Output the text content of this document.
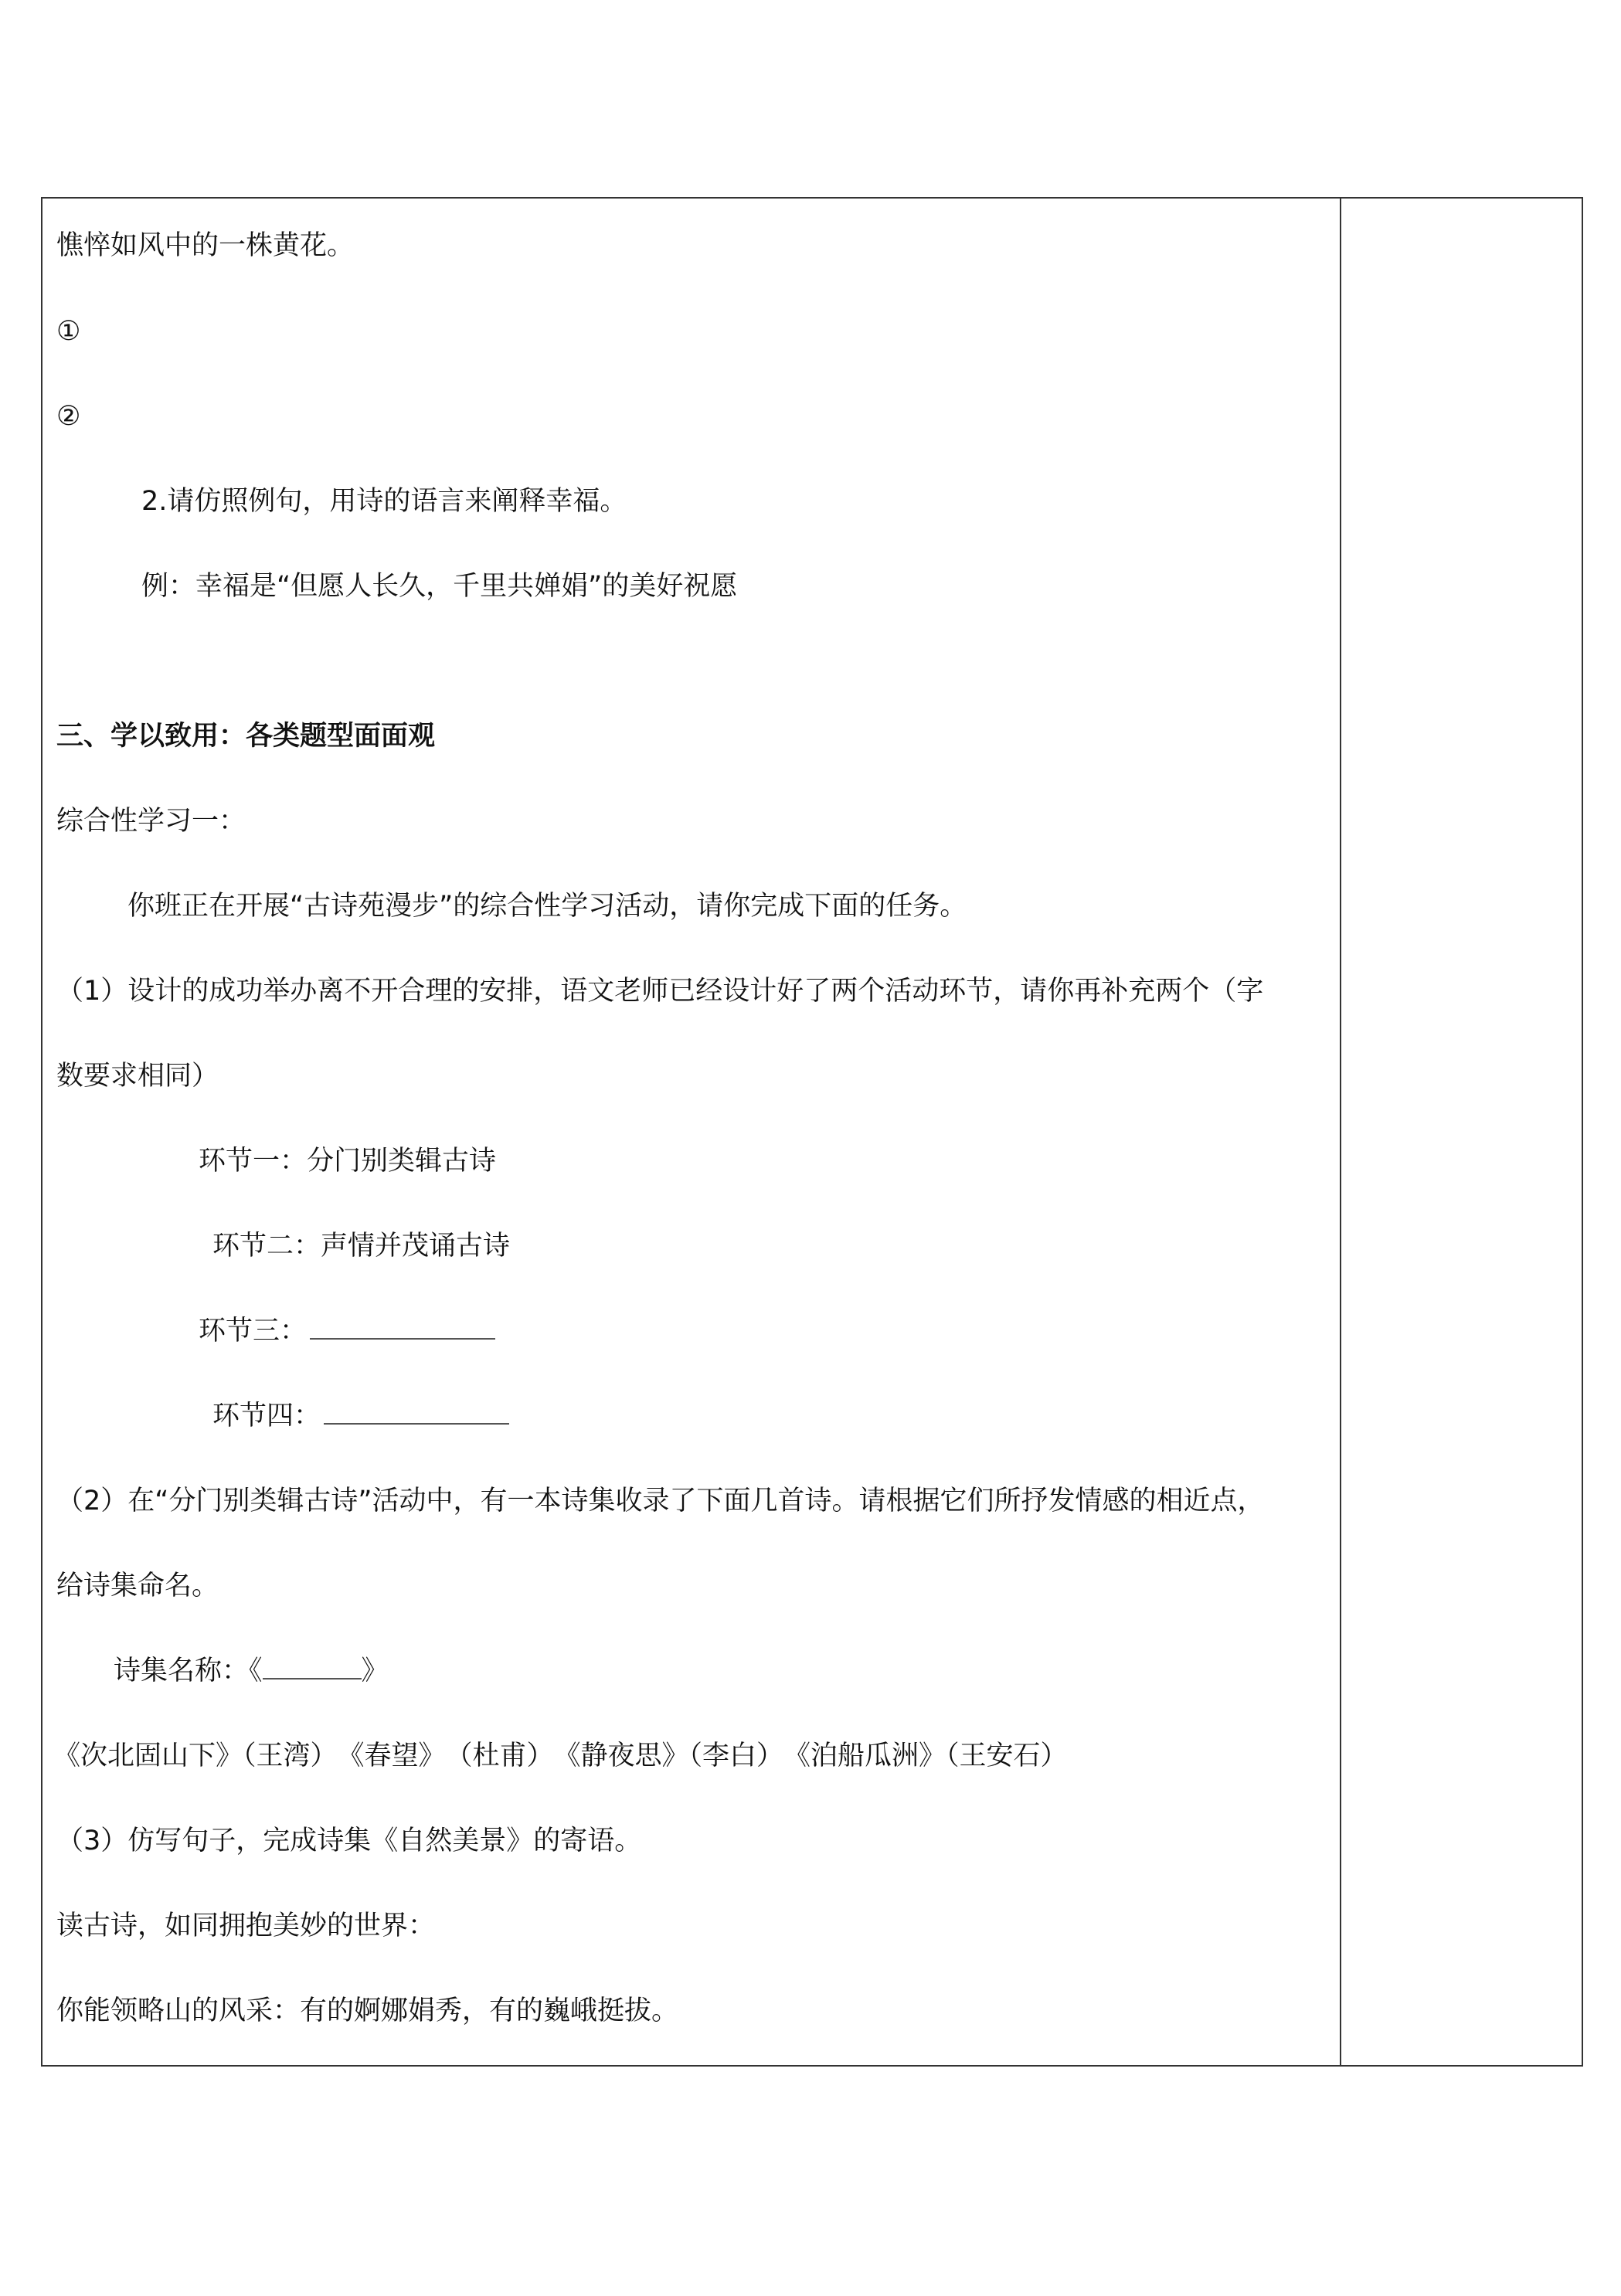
憔悴如风中的一株黄花。
①
②
2.请仿照例句，用诗的语言来阐释幸福。
例：幸福是“但愿人长久，千里共婵娟”的美好祝愿
三、学以致用：各类题型面面观
综合性学习一：
你班正在开展“古诗苑漫步”的综合性学习活动，请你完成下面的任务。
（1）设计的成功举办离不开合理的安排，语文老师已经设计好了两个活动环节，请你再补充两个（字
数要求相同）
环节一：分门别类辑古诗
环节二：声情并茂诵古诗
环节三：
环节四：
（2）在“分门别类辑古诗”活动中，有一本诗集收录了下面几首诗。请根据它们所抒发情感的相近点，
给诗集命名。
诗集名称：《	》
《次北固山下》（王湾）　《春望》　（杜甫）　《静夜思》（李白）　《泊船瓜洲》（王安石）
（3）仿写句子，完成诗集《自然美景》的寄语。
读古诗，如同拥抱美妙的世界：
你能领略山的风采：有的婀娜娟秀，有的巍峨挺拔。
